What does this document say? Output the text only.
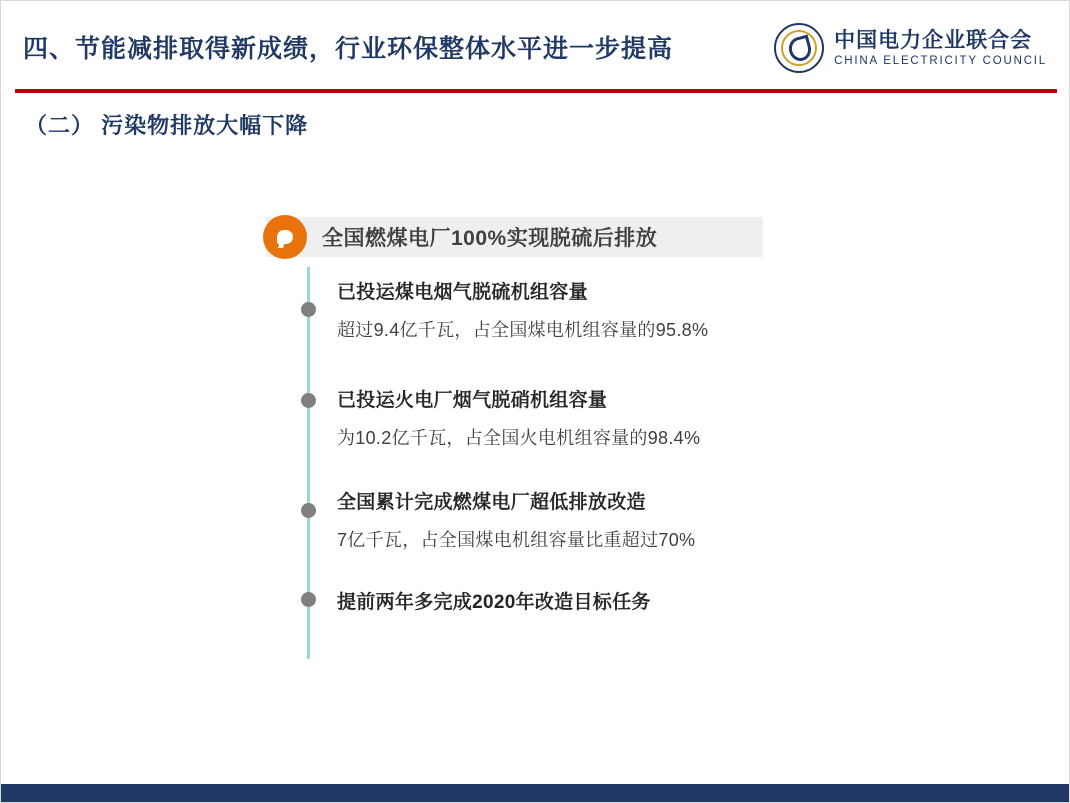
四、节能减排取得新成绩，行业环保整体水平进一步提高	中国电力企业联合会
CHINA ELECTRICITY COUNCIL
（二） 污染物排放大幅下降
全国燃煤电厂100%实现脱硫后排放
已投运煤电烟气脱硫机组容量
超过9.4亿千瓦，占全国煤电机组容量的95.8%
已投运火电厂烟气脱硝机组容量
为10.2亿千瓦，占全国火电机组容量的98.4%
全国累计完成燃煤电厂超低排放改造
7亿千瓦，占全国煤电机组容量比重超过70%
提前两年多完成2020年改造目标任务
